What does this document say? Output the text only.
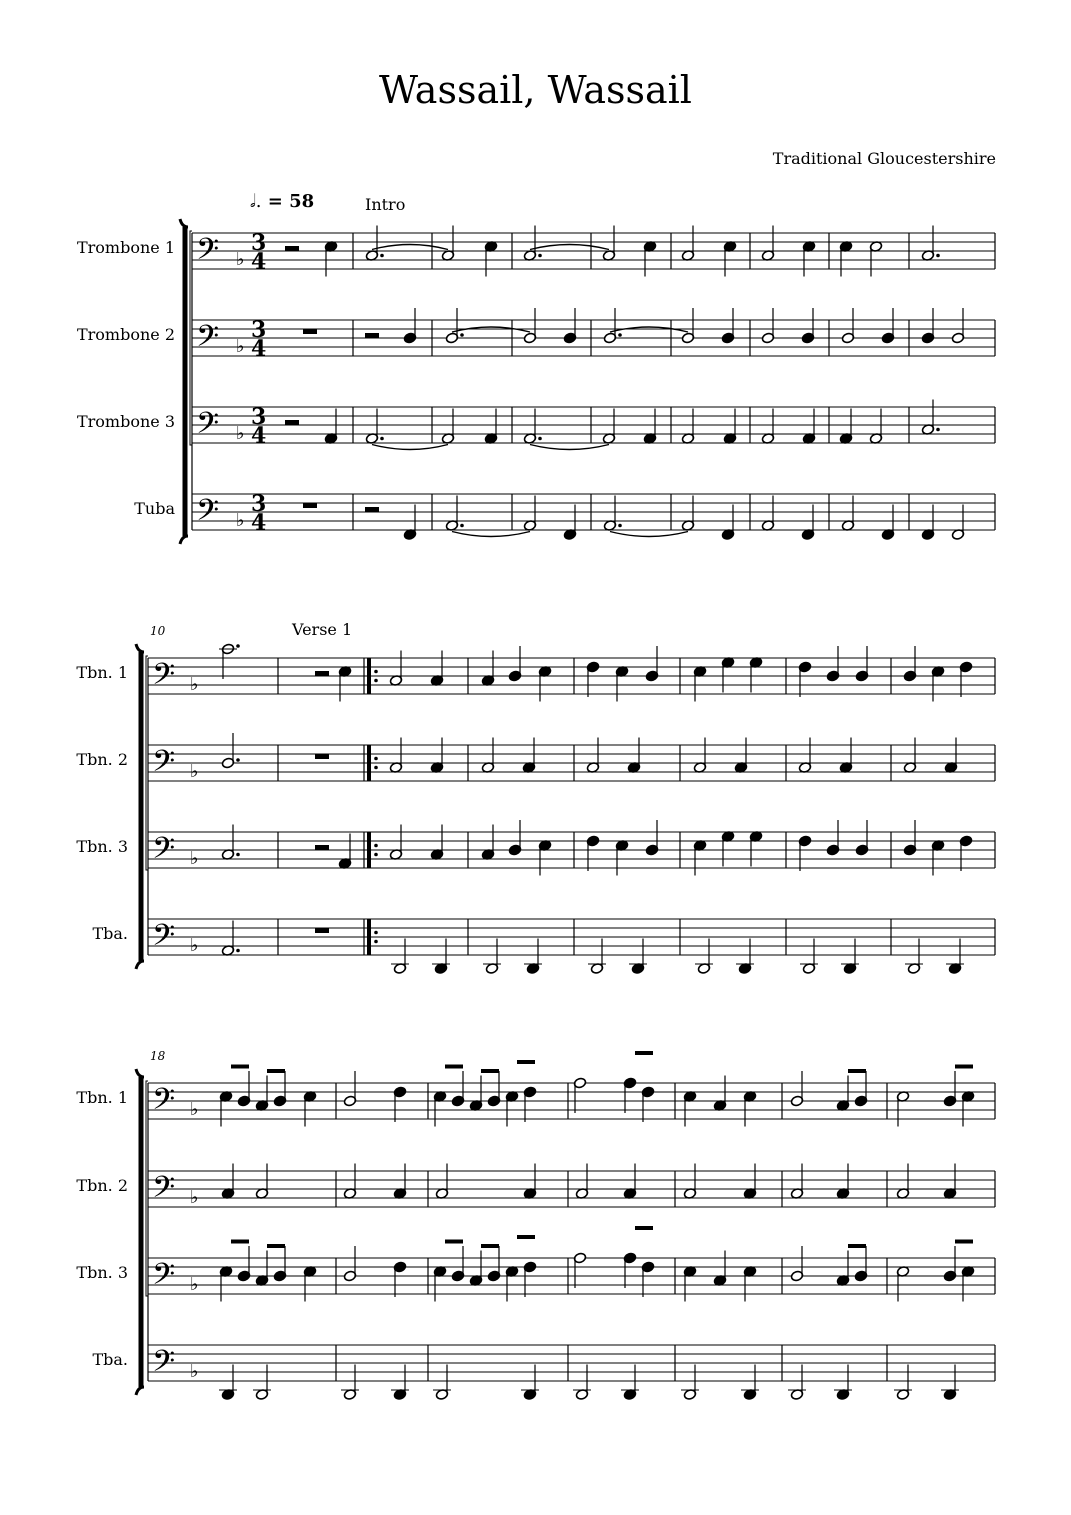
Wassail, Wassail
Traditional Gloucestershire
Trombone 1
Trombone 2
Trombone 3
Tuba
Tbn. 1
Tbn. 2
Tbn. 3
Tba.
Tbn. 1
Tbn. 2
Tbn. 3
Tba.
𝅗𝅥. = 58	Intro
Verse 1
10
18
𝄢 ♭
3
4
𝄢 ♭
3
4
𝄢 ♭
3
4
𝄢 ♭
3
4
𝄢 ♭
𝄢 ♭
𝄢 ♭
𝄢 ♭
𝄢 ♭
𝄢 ♭
𝄢 ♭
𝄢 ♭
